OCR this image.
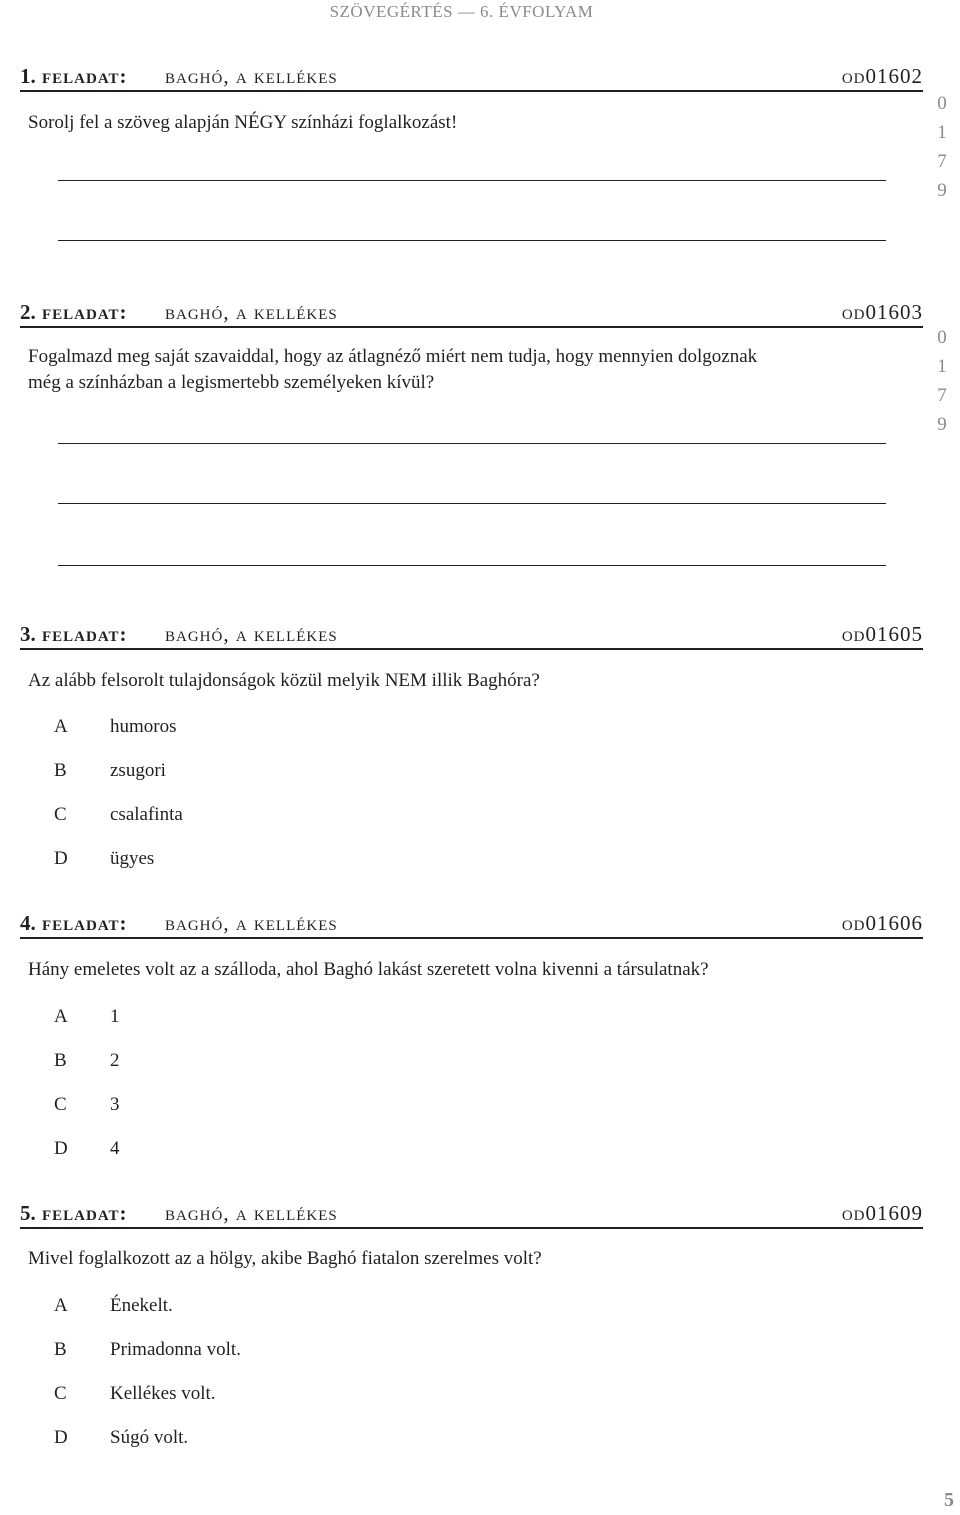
SZÖVEGÉRTÉS — 6. ÉVFOLYAM
1. feladat: baghó, a kellékes	od01602
Sorolj fel a szöveg alapján NÉGY színházi foglalkozást!
0
1
7
9
2. feladat: baghó, a kellékes	od01603
Fogalmazd meg saját szavaiddal, hogy az átlagnéző miért nem tudja, hogy mennyien dolgoznak
még a színházban a legismertebb személyeken kívül?
0
1
7
9
3. feladat: baghó, a kellékes	od01605
Az alább felsorolt tulajdonságok közül melyik NEM illik Baghóra?
A	humoros
B	zsugori
C	csalafinta
D	ügyes
4. feladat: baghó, a kellékes	od01606
Hány emeletes volt az a szálloda, ahol Baghó lakást szeretett volna kivenni a társulatnak?
A	1
B	2
C	3
D	4
5. feladat: baghó, a kellékes	od01609
Mivel foglalkozott az a hölgy, akibe Baghó fiatalon szerelmes volt?
A	Énekelt.
B	Primadonna volt.
C	Kellékes volt.
D	Súgó volt.
5
